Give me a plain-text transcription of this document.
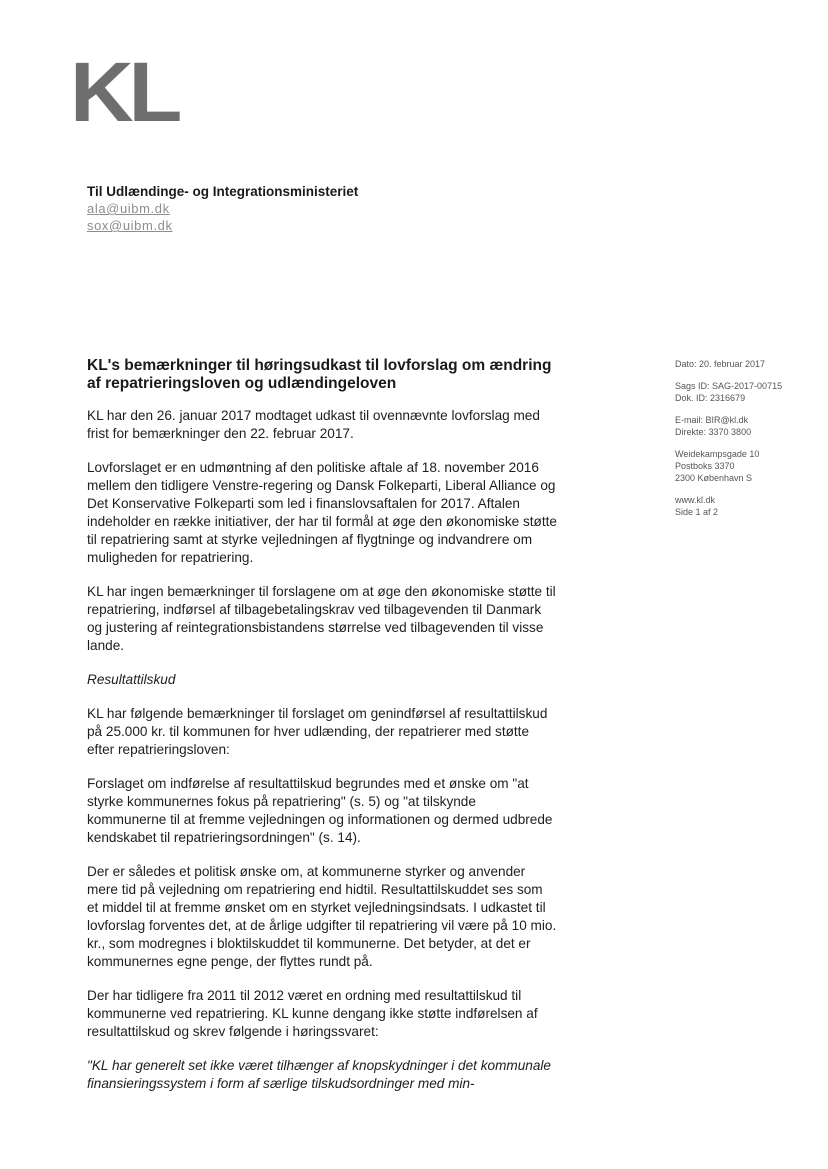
KL
Til Udlændinge- og Integrationsministeriet
ala@uibm.dk
sox@uibm.dk
Dato: 20. februar 2017
Sags ID: SAG-2017-00715
Dok. ID: 2316679
E-mail: BIR@kl.dk
Direkte: 3370 3800
Weidekampsgade 10
Postboks 3370
2300 København S
www.kl.dk
Side 1 af 2
KL's bemærkninger til høringsudkast til lovforslag om ændring
af repatrieringsloven og udlændingeloven

KL har den 26. januar 2017 modtaget udkast til ovennævnte lovforslag med frist for bemærkninger den 22. februar 2017.

Lovforslaget er en udmøntning af den politiske aftale af 18. november 2016 mellem den tidligere Venstre-regering og Dansk Folkeparti, Liberal Alliance og Det Konservative Folkeparti som led i finanslovsaftalen for 2017. Aftalen indeholder en række initiativer, der har til formål at øge den økonomiske støtte til repatriering samt at styrke vejledningen af flygtninge og indvandrere om muligheden for repatriering.

KL har ingen bemærkninger til forslagene om at øge den økonomiske støtte til repatriering, indførsel af tilbagebetalingskrav ved tilbagevenden til Danmark og justering af reintegrationsbistandens størrelse ved tilbagevenden til visse lande.

Resultattilskud

KL har følgende bemærkninger til forslaget om genindførsel af resultattilskud på 25.000 kr. til kommunen for hver udlænding, der repatrierer med støtte efter repatrieringsloven:

Forslaget om indførelse af resultattilskud begrundes med et ønske om "at styrke kommunernes fokus på repatriering" (s. 5) og "at tilskynde kommunerne til at fremme vejledningen og informationen og dermed udbrede kendskabet til repatrieringsordningen" (s. 14).

Der er således et politisk ønske om, at kommunerne styrker og anvender mere tid på vejledning om repatriering end hidtil. Resultattilskuddet ses som et middel til at fremme ønsket om en styrket vejledningsindsats. I udkastet til lovforslag forventes det, at de årlige udgifter til repatriering vil være på 10 mio. kr., som modregnes i bloktilskuddet til kommunerne. Det betyder, at det er kommunernes egne penge, der flyttes rundt på.

Der har tidligere fra 2011 til 2012 været en ordning med resultattilskud til kommunerne ved repatriering. KL kunne dengang ikke støtte indførelsen af resultattilskud og skrev følgende i høringssvaret:

"KL har generelt set ikke været tilhænger af knopskydninger i det kommunale finansieringssystem i form af særlige tilskudsordninger med min-
